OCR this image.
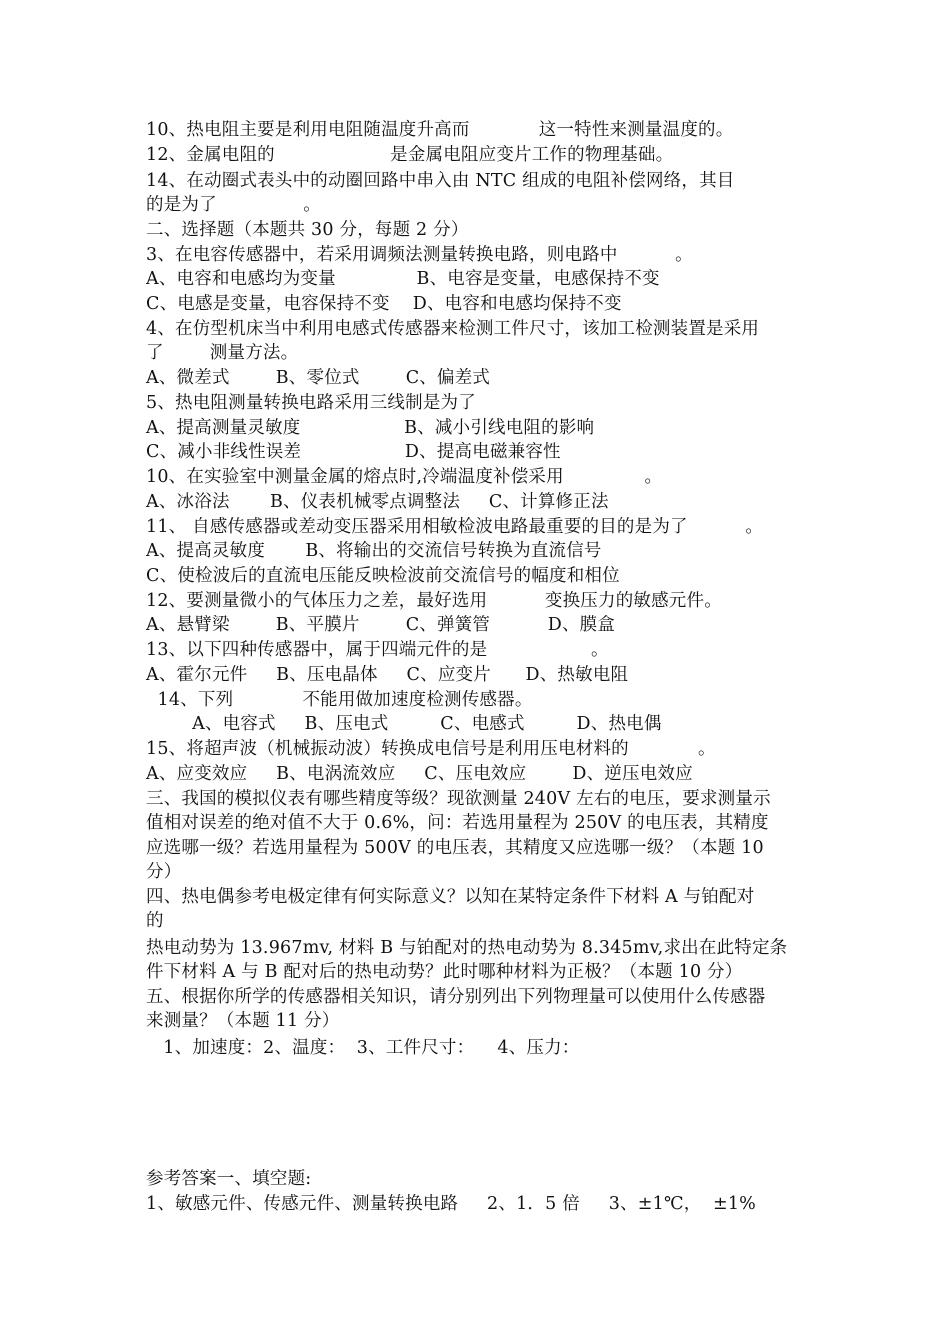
10、热电阻主要是利用电阻随温度升高而            这一特性来测量温度的。
12、金属电阻的                    是金属电阻应变片工作的物理基础。
14、在动圈式表头中的动圈回路中串入由 NTC 组成的电阻补偿网络，其目
的是为了               。
二、选择题（本题共 30 分，每题 2 分）
3、在电容传感器中，若采用调频法测量转换电路，则电路中          。
A、电容和电感均为变量              B、电容是变量，电感保持不变
C、电感是变量，电容保持不变    D、电容和电感均保持不变
4、在仿型机床当中利用电感式传感器来检测工件尺寸，该加工检测装置是采用
了        测量方法。
A、微差式        B、零位式        C、偏差式
5、热电阻测量转换电路采用三线制是为了
A、提高测量灵敏度                  B、减小引线电阻的影响
C、减小非线性误差                  D、提高电磁兼容性
10、在实验室中测量金属的熔点时,冷端温度补偿采用              。
A、冰浴法       B、仪表机械零点调整法     C、计算修正法
11、 自感传感器或差动变压器采用相敏检波电路最重要的目的是为了          。
A、提高灵敏度       B、将输出的交流信号转换为直流信号
C、使检波后的直流电压能反映检波前交流信号的幅度和相位
12、要测量微小的气体压力之差，最好选用          变换压力的敏感元件。
A、悬臂梁        B、平膜片        C、弹簧管          D、膜盒
13、以下四种传感器中，属于四端元件的是                  。
A、霍尔元件     B、压电晶体     C、应变片      D、热敏电阻
14、下列            不能用做加速度检测传感器。
A、电容式     B、压电式         C、电感式         D、热电偶
15、将超声波（机械振动波）转换成电信号是利用压电材料的            。
A、应变效应     B、电涡流效应     C、压电效应        D、逆压电效应
三、我国的模拟仪表有哪些精度等级？现欲测量 240V 左右的电压，要求测量示
值相对误差的绝对值不大于 0.6%，问：若选用量程为 250V 的电压表，其精度
应选哪一级？若选用量程为 500V 的电压表，其精度又应选哪一级？（本题 10
分）
四、热电偶参考电极定律有何实际意义？以知在某特定条件下材料 A 与铂配对
的
热电动势为 13.967mv, 材料 B 与铂配对的热电动势为 8.345mv,求出在此特定条
件下材料 A 与 B 配对后的热电动势？此时哪种材料为正极？（本题 10 分）
五、根据你所学的传感器相关知识，请分别列出下列物理量可以使用什么传感器
来测量？（本题 11 分）
1、加速度：2、温度：  3、工件尺寸：    4、压力：
参考答案一、填空题:
1、敏感元件、传感元件、测量转换电路     2、1．5 倍     3、±1℃，  ±1%
